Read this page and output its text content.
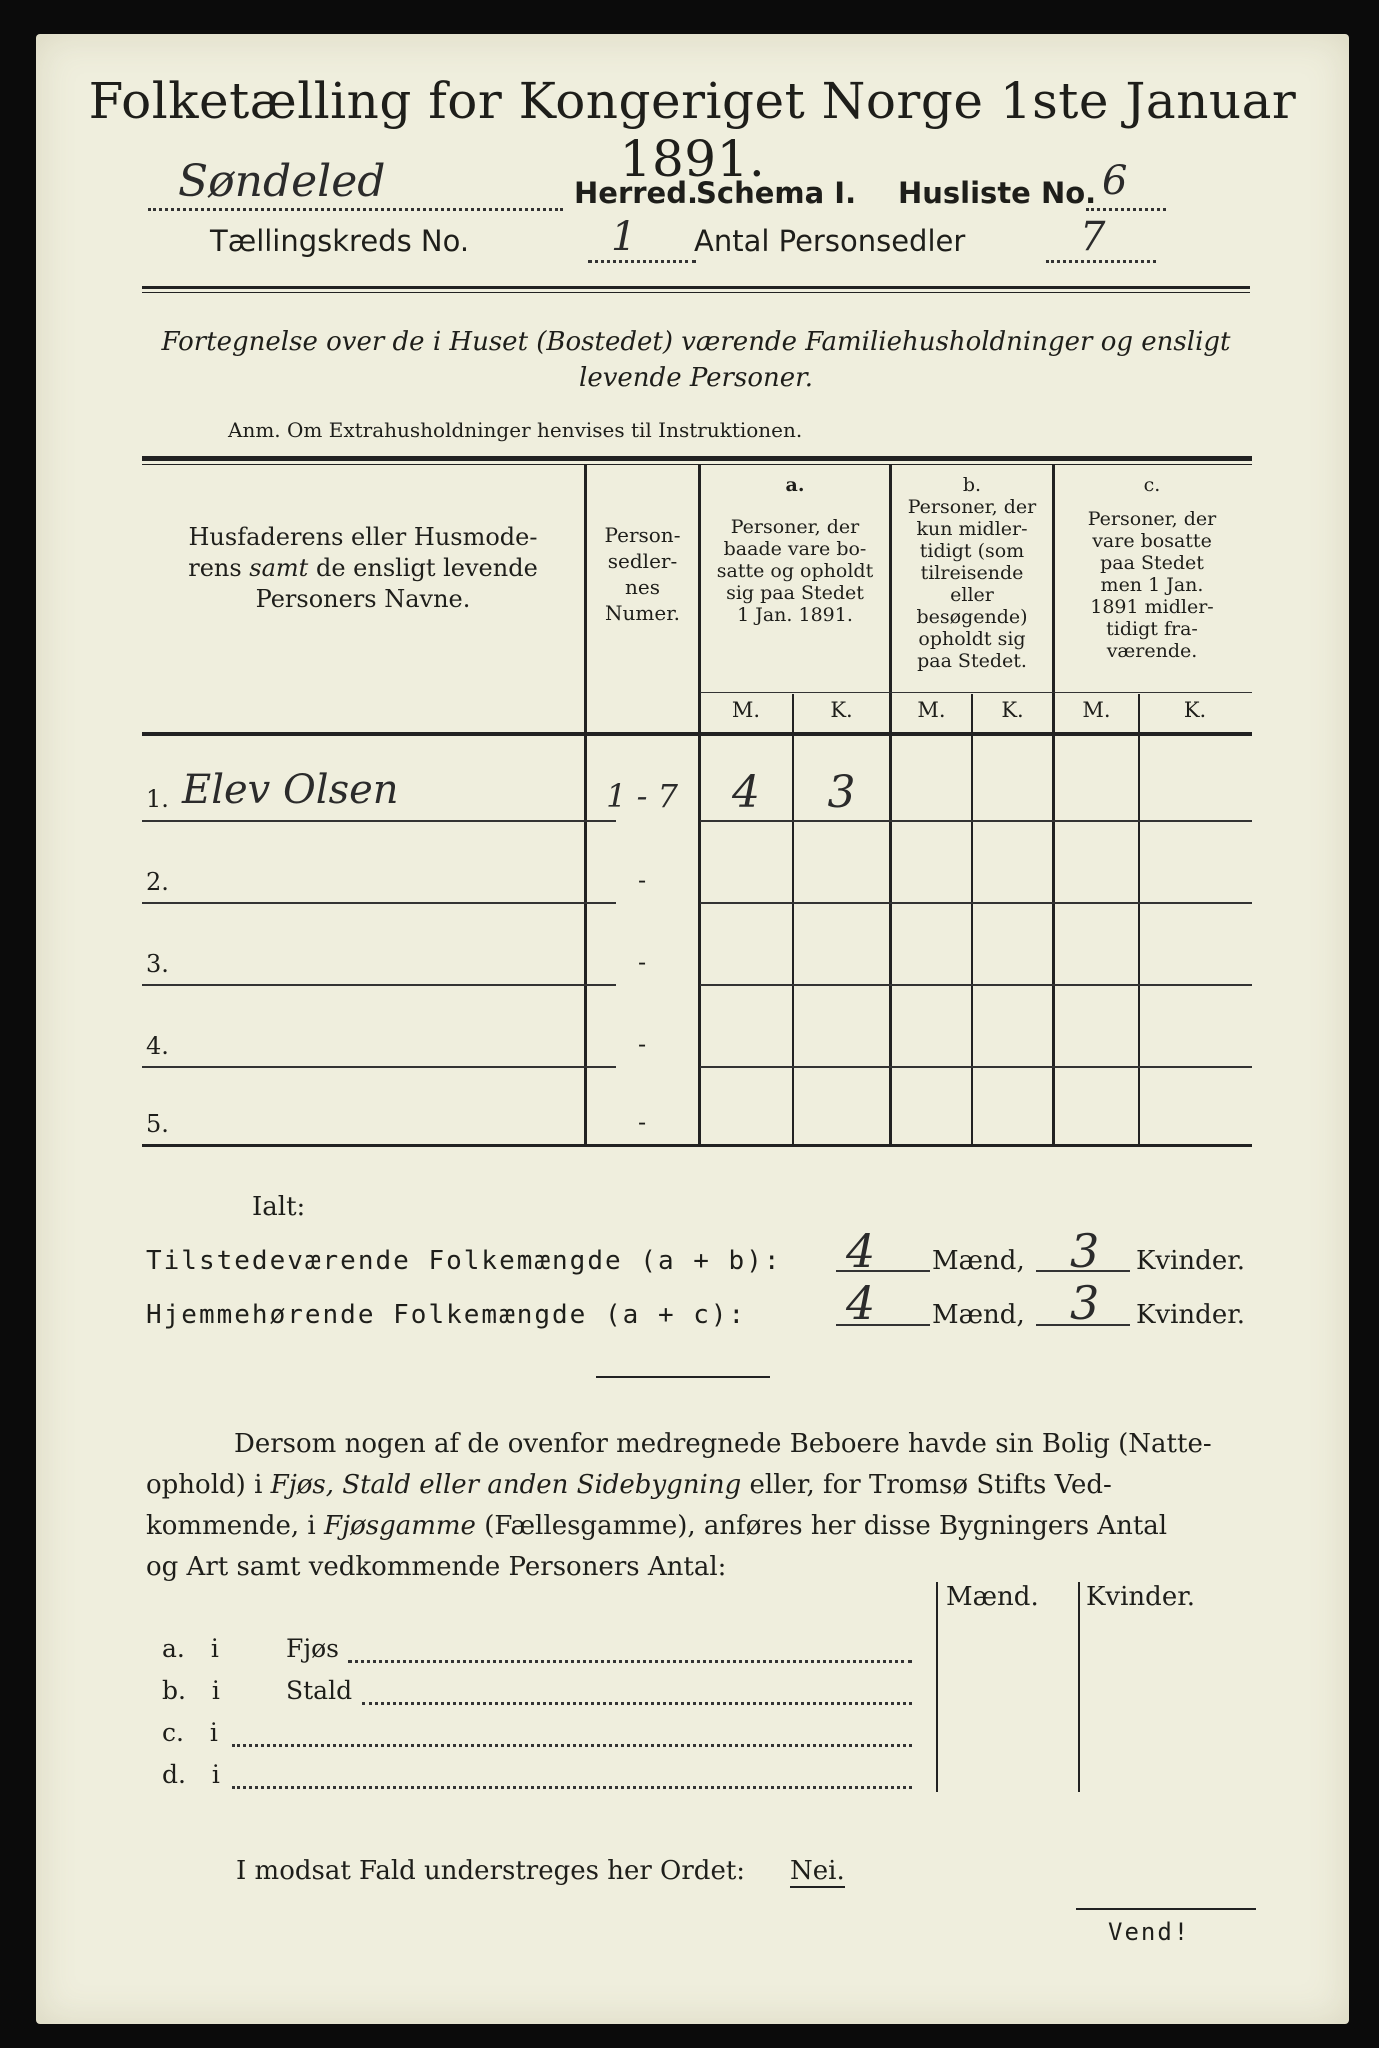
Folketælling for Kongeriget Norge 1ste Januar 1891.
Søndeled	Herred.
Schema I. Husliste No. 6
Tællingskreds No.	1 Antal Personsedler	7
Fortegnelse over de i Huset (Bostedet) værende Familiehusholdninger og ensligt
levende Personer.
Anm. Om Extrahusholdninger henvises til Instruktionen.
Husfaderens eller Husmode-
rens samt de ensligt levende
Personers Navne.
Person-
sedler-
nes
Numer.
a.
Personer, der
baade vare bo-
satte og opholdt
sig paa Stedet
1 Jan. 1891.
b.
Personer, der
kun midler-
tidigt (som
tilreisende
eller
besøgende)
opholdt sig
paa Stedet.
c.
Personer, der
vare bosatte
paa Stedet
men 1 Jan.
1891 midler-
tidigt fra-
værende.
M.	K.	M.	K.	M.	K.
1. Elev Olsen	1 - 7	4	3
2.	-
3.	-
4.	-
5.	-
Ialt:
Tilstedeværende Folkemængde (a + b): 4 Mænd, 3 Kvinder.
Hjemmehørende Folkemængde (a + c): 4 Mænd, 3 Kvinder.
Dersom nogen af de ovenfor medregnede Beboere havde sin Bolig (Natte-
ophold) i Fjøs, Stald eller anden Sidebygning eller, for Tromsø Stifts Ved-
kommende, i Fjøsgamme (Fællesgamme), anføres her disse Bygningers Antal
og Art samt vedkommende Personers Antal:
Mænd. Kvinder.
a. i	Fjøs
b. i	Stald
c. i
d. i
I modsat Fald understreges her Ordet: Nei.
Vend!
